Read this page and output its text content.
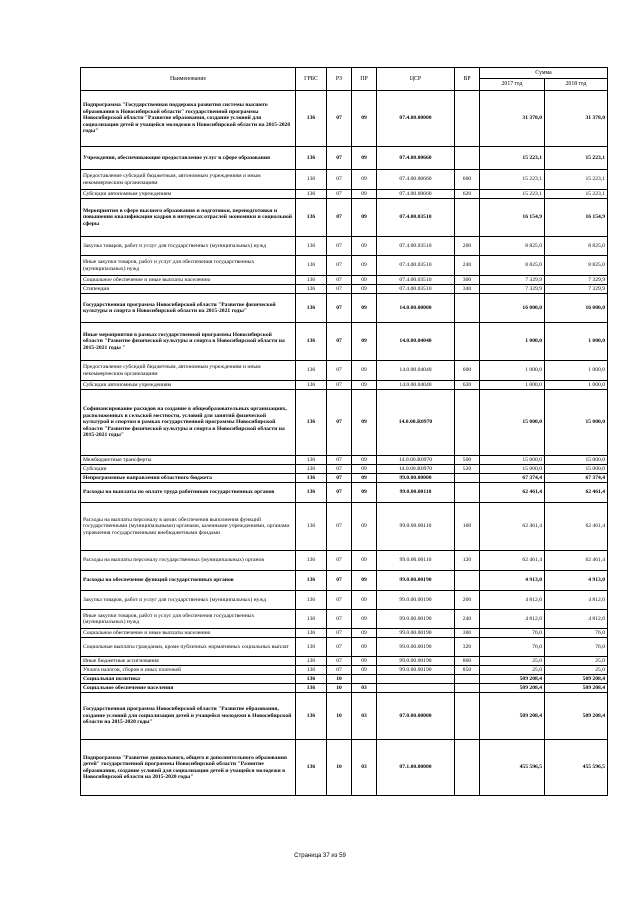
Наименование	ГРБС	РЗ	ПР	ЦСР	ВР	Сумма	
						2017 год	2018 год
Подпрограмма "Государственная поддержка развития системы высшего образования в Новосибирской области" государственной программы Новосибирской области "Развитие образования, создание условий для социализации детей и учащейся молодежи в Новосибирской области на 2015-2020 годы"	136	07	09	07.4.00.00000		31 378,0	31 378,0
Учреждения, обеспечивающие предоставление услуг в сфере образования	136	07	09	07.4.00.00660		15 223,1	15 223,1
Предоставление субсидий бюджетным, автономным учреждениям и иным некоммерческим организациям	136	07	09	07.4.00.00660	600	15 223,1	15 223,1
Субсидии автономным учреждениям	136	07	09	07.4.00.00660	620	15 223,1	15 223,1
Мероприятия в сфере высшего образования и подготовки, переподготовки и повышения квалификации кадров в интересах отраслей экономики и социальной сферы	136	07	09	07.4.00.03510		16 154,9	16 154,9
Закупка товаров, работ и услуг для государственных (муниципальных) нужд	136	07	09	07.4.00.03510	200	8 825,0	8 825,0
Иные закупки товаров, работ и услуг для обеспечения государственных (муниципальных) нужд	136	07	09	07.4.00.03510	240	8 825,0	8 825,0
Социальное обеспечение и иные выплаты населению	136	07	09	07.4.00.03510	300	7 329,9	7 329,9
Стипендии	136	07	09	07.4.00.03510	340	7 329,9	7 329,9
Государственная программа Новосибирской области "Развитие физической культуры и спорта в Новосибирской области на 2015-2021 годы"	136	07	09	14.0.00.00000		16 000,0	16 000,0
Иные мероприятия в рамках государственной программы Новосибирской области "Развитие физической культуры и спорта в Новосибирской области на 2015-2021 годы "	136	07	09	14.0.00.04040		1 000,0	1 000,0
Предоставление субсидий бюджетным, автономным учреждениям и иным некоммерческим организациям	136	07	09	14.0.00.04040	600	1 000,0	1 000,0
Субсидии автономным учреждениям	136	07	09	14.0.00.04040	620	1 000,0	1 000,0
Софинансирование расходов на создание в общеобразовательных организациях, расположенных в сельской местности, условий для занятий физической культурой и спортом в рамках государственной программы Новосибирской области "Развитие физической культуры и спорта в Новосибирской области на 2015-2021 годы"	136	07	09	14.0.00.R0970		15 000,0	15 000,0
Межбюджетные трансферты	136	07	09	14.0.00.R0970	500	15 000,0	15 000,0
Субсидии	136	07	09	14.0.00.R0970	520	15 000,0	15 000,0
Непрограммные направления областного бюджета	136	07	09	99.0.00.00000		67 374,4	67 374,4
Расходы на выплаты по оплате труда работников государственных органов	136	07	09	99.0.00.00110		62 461,4	62 461,4
Расходы на выплаты персоналу в целях обеспечения выполнения функций государственными (муниципальными) органами, казенными учреждениями, органами управления государственными внебюджетными фондами	136	07	09	99.0.00.00110	100	62 461,4	62 461,4
Расходы на выплаты персоналу государственных (муниципальных) органов	136	07	09	99.0.00.00110	120	62 461,4	62 461,4
Расходы на обеспечение функций государственных органов	136	07	09	99.0.00.00190		4 913,0	4 913,0
Закупка товаров, работ и услуг для государственных (муниципальных) нужд	136	07	09	99.0.00.00190	200	4 812,0	4 812,0
Иные закупки товаров, работ и услуг для обеспечения государственных (муниципальных) нужд	136	07	09	99.0.00.00190	240	4 812,0	4 812,0
Социальное обеспечение и иные выплаты населению	136	07	09	99.0.00.00190	300	76,0	76,0
Социальные выплаты гражданам, кроме публичных нормативных социальных выплат	136	07	09	99.0.00.00190	320	76,0	76,0
Иные бюджетные ассигнования	136	07	09	99.0.00.00190	800	25,0	25,0
Уплата налогов, сборов и иных платежей	136	07	09	99.0.00.00190	850	25,0	25,0
Социальная политика	136	10				509 208,4	509 208,4
Социальное обеспечение населения	136	10	03			509 208,4	509 208,4
Государственная программа Новосибирской области "Развитие образования, создание условий для социализации детей и учащейся молодежи в Новосибирской области на 2015-2020 годы"	136	10	03	07.0.00.00000		509 208,4	509 208,4
Подпрограмма "Развитие дошкольного, общего и дополнительного образования детей" государственной программы Новосибирской области "Развитие образования, создание условий для социализации детей и учащейся молодежи в Новосибирской области на 2015-2020 годы"	136	10	03	07.1.00.00000		455 596,5	455 596,5
Страница 37 из 59
